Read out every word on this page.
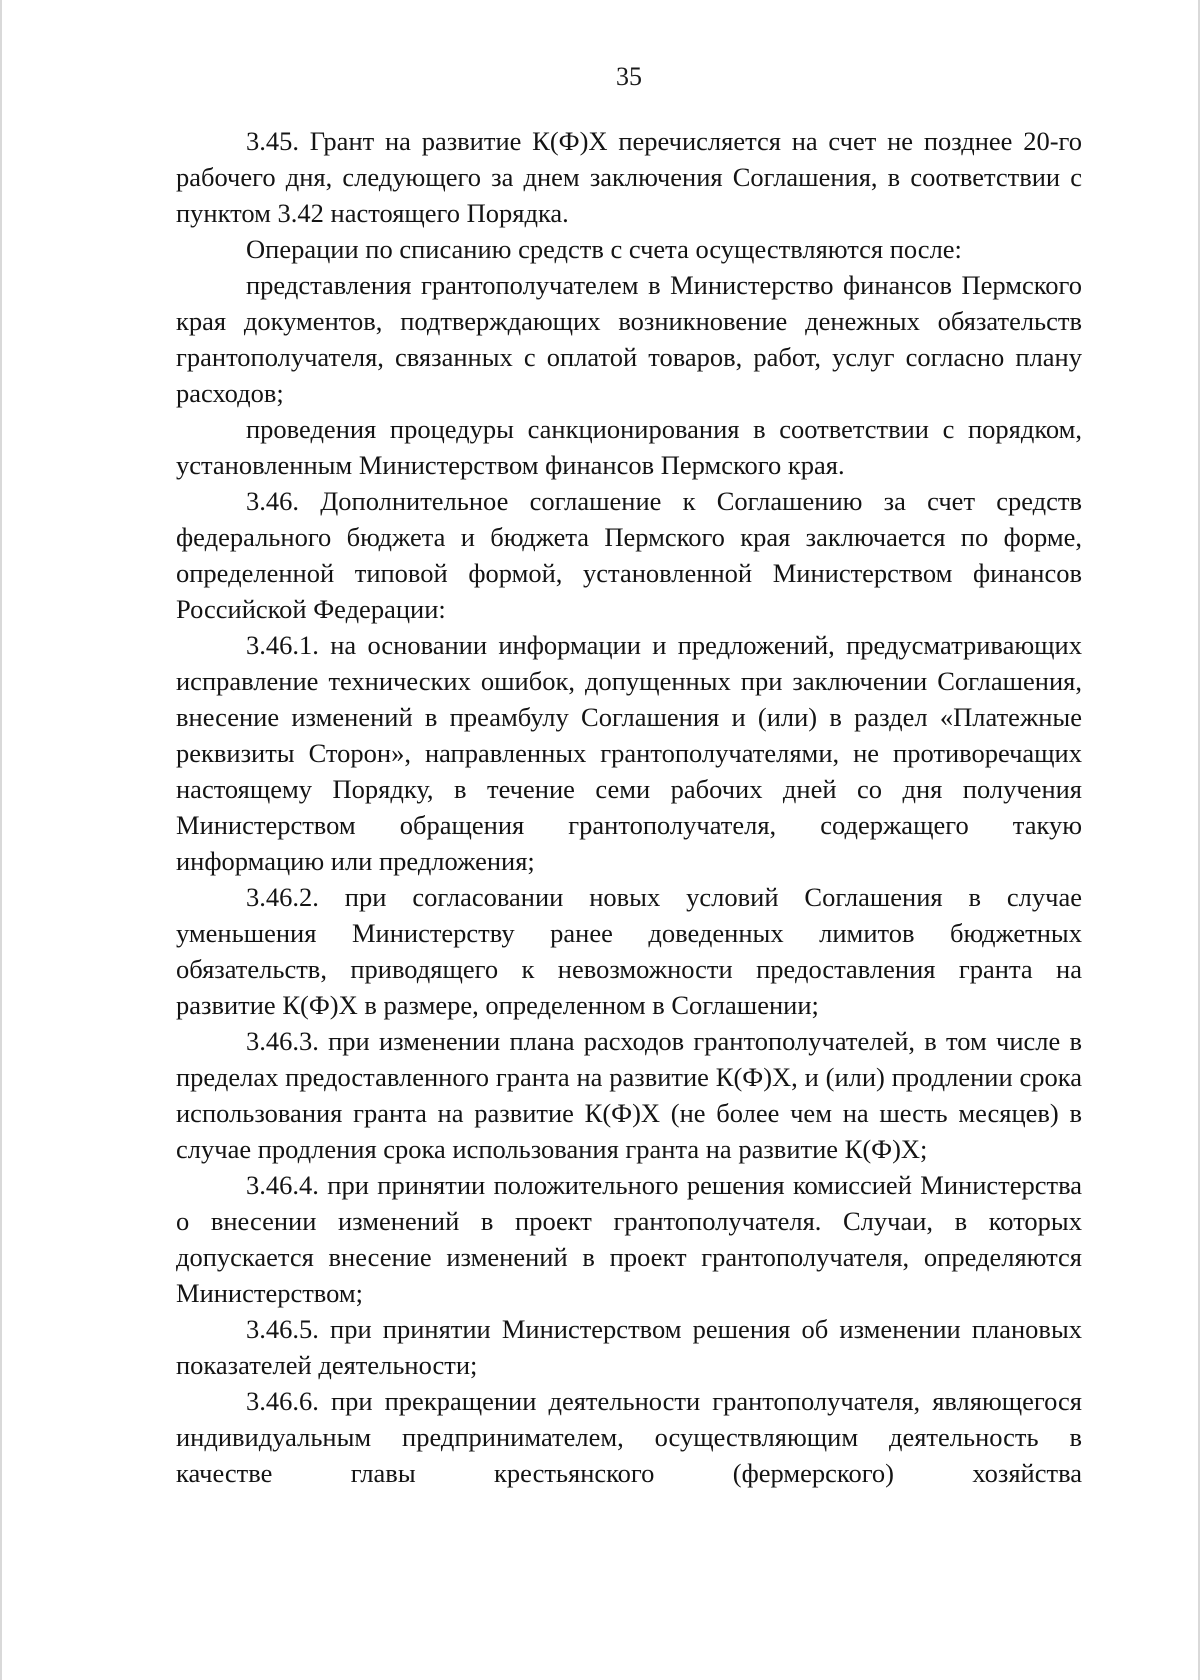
35

3.45. Грант на развитие К(Ф)Х перечисляется на счет не позднее 20-го рабочего дня, следующего за днем заключения Соглашения, в соответствии с пунктом 3.42 настоящего Порядка.

Операции по списанию средств с счета осуществляются после:

представления грантополучателем в Министерство финансов Пермского края документов, подтверждающих возникновение денежных обязательств грантополучателя, связанных с оплатой товаров, работ, услуг согласно плану расходов;

проведения процедуры санкционирования в соответствии с порядком, установленным Министерством финансов Пермского края.

3.46. Дополнительное соглашение к Соглашению за счет средств федерального бюджета и бюджета Пермского края заключается по форме, определенной типовой формой, установленной Министерством финансов Российской Федерации:

3.46.1. на основании информации и предложений, предусматривающих исправление технических ошибок, допущенных при заключении Соглашения, внесение изменений в преамбулу Соглашения и (или) в раздел «Платежные реквизиты Сторон», направленных грантополучателями, не противоречащих настоящему Порядку, в течение семи рабочих дней со дня получения Министерством обращения грантополучателя, содержащего такую информацию или предложения;

3.46.2. при согласовании новых условий Соглашения в случае уменьшения Министерству ранее доведенных лимитов бюджетных обязательств, приводящего к невозможности предоставления гранта на развитие К(Ф)Х в размере, определенном в Соглашении;

3.46.3. при изменении плана расходов грантополучателей, в том числе в пределах предоставленного гранта на развитие К(Ф)Х, и (или) продлении срока использования гранта на развитие К(Ф)Х (не более чем на шесть месяцев) в случае продления срока использования гранта на развитие К(Ф)Х;

3.46.4. при принятии положительного решения комиссией Министерства о внесении изменений в проект грантополучателя. Случаи, в которых допускается внесение изменений в проект грантополучателя, определяются Министерством;

3.46.5. при принятии Министерством решения об изменении плановых показателей деятельности;

3.46.6. при прекращении деятельности грантополучателя, являющегося индивидуальным предпринимателем, осуществляющим деятельность в качестве главы крестьянского (фермерского) хозяйства
